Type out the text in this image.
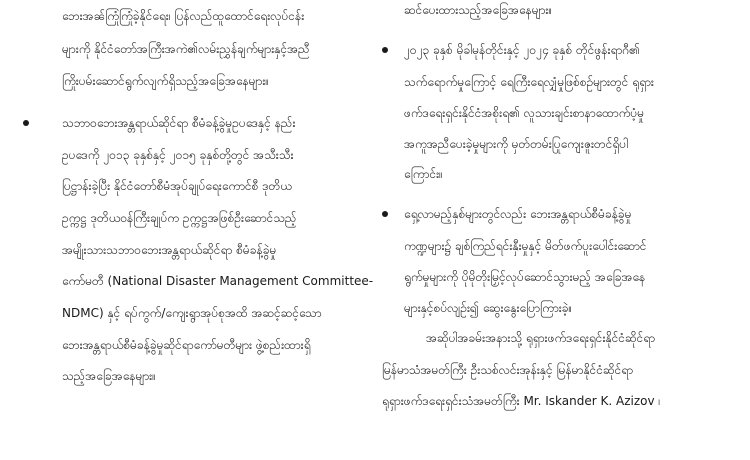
ဘေးအၼ်ကြုံကြုံခဲ့နိုင်ရေး၊ ပြန်လည်ထူထောင်ရေးလုပ်ငန်း
များကို နိုင်ငံတော်အကြီးအကဲ၏လမ်းညွှန်ချက်များနှင့်အညီ
ကြိုးပမ်းဆောင်ရွက်လျက်ရှိသည့်အခြေအနေများ။
သဘာဝဘေးအန္တရာယ်ဆိုင်ရာ စီမံခန့်ခွဲမှုဥပဒေနှင့် နည်း
ဥပဒေကို ၂၀၁၃ ခုနှစ်နှင့် ၂၀၁၅ ခုနှစ်တို့တွင် အသီးသီး
ပြဋ္ဌာန်းခဲ့ပြီး နိုင်ငံတော်စီမံအုပ်ချုပ်ရေးကောင်စီ ဒုတိယ
ဥက္ကဋ္ဌ ဒုတိယဝန်ကြီးချုပ်က ဥက္ကဋ္ဌအဖြစ်ဦးဆောင်သည့်
အမျိုးသားသဘာဝဘေးအန္တရာယ်ဆိုင်ရာ စီမံခန့်ခွဲမှု
ကော်မတီ (National Disaster Management Committee-
NDMC) နှင့် ရပ်ကွက်/ကျေးရွာအုပ်စုအထိ အဆင့်ဆင့်သော
ဘေးအန္တရာယ်စီမံခန့်ခွဲမှုဆိုင်ရာကော်မတီများ ဖွဲ့စည်းထားရှိ
သည့်အခြေအနေများ။
ဆင်ပေးထားသည့်အခြေအနေများ။
၂၀၂၃ ခုနှစ် မိုခါမုန်တိုင်းနှင့် ၂၀၂၄ ခုနှစ် တိုင်ဖွန်းရာဂီ၏
သက်ရောက်မှုကြောင့် ရေကြီးရေလျှံမှုဖြစ်စဉ်များတွင် ရုရှား
ဖက်ဒရေးရှင်းနိုင်ငံအစိုးရ၏ လူသားချင်းစာနာထောက်ပံ့မှု
အကူအညီပေးခဲ့မှုများကို မှတ်တမ်းပြုကျေးဇူးတင်ရှိပါ
ကြောင်း။
ရှေ့လာမည့်နှစ်များတွင်လည်း ဘေးအန္တရာယ်စီမံခန့်ခွဲမှု
ကဏ္ဍများ၌ ချစ်ကြည်ရင်းနှီးမှုနှင့် မိတ်ဖက်ပူးပေါင်းဆောင်
ရွက်မှုများကို ပိုမိုတိုးမြှင့်လုပ်ဆောင်သွားမည့် အခြေအနေ
များနှင့်စပ်လျဉ်း၍ ဆွေးနွေးပြောကြားခဲ့။
အဆိုပါအခမ်းအနားသို့ ရုရှားဖက်ဒရေးရှင်းနိုင်ငံဆိုင်ရာ
မြန်မာသံအမတ်ကြီး ဦးသစ်လင်းအုန်းနှင့် မြန်မာနိုင်ငံဆိုင်ရာ
ရုရှားဖက်ဒရေးရှင်းသံအမတ်ကြီး Mr. Iskander K. Azizov ၊
